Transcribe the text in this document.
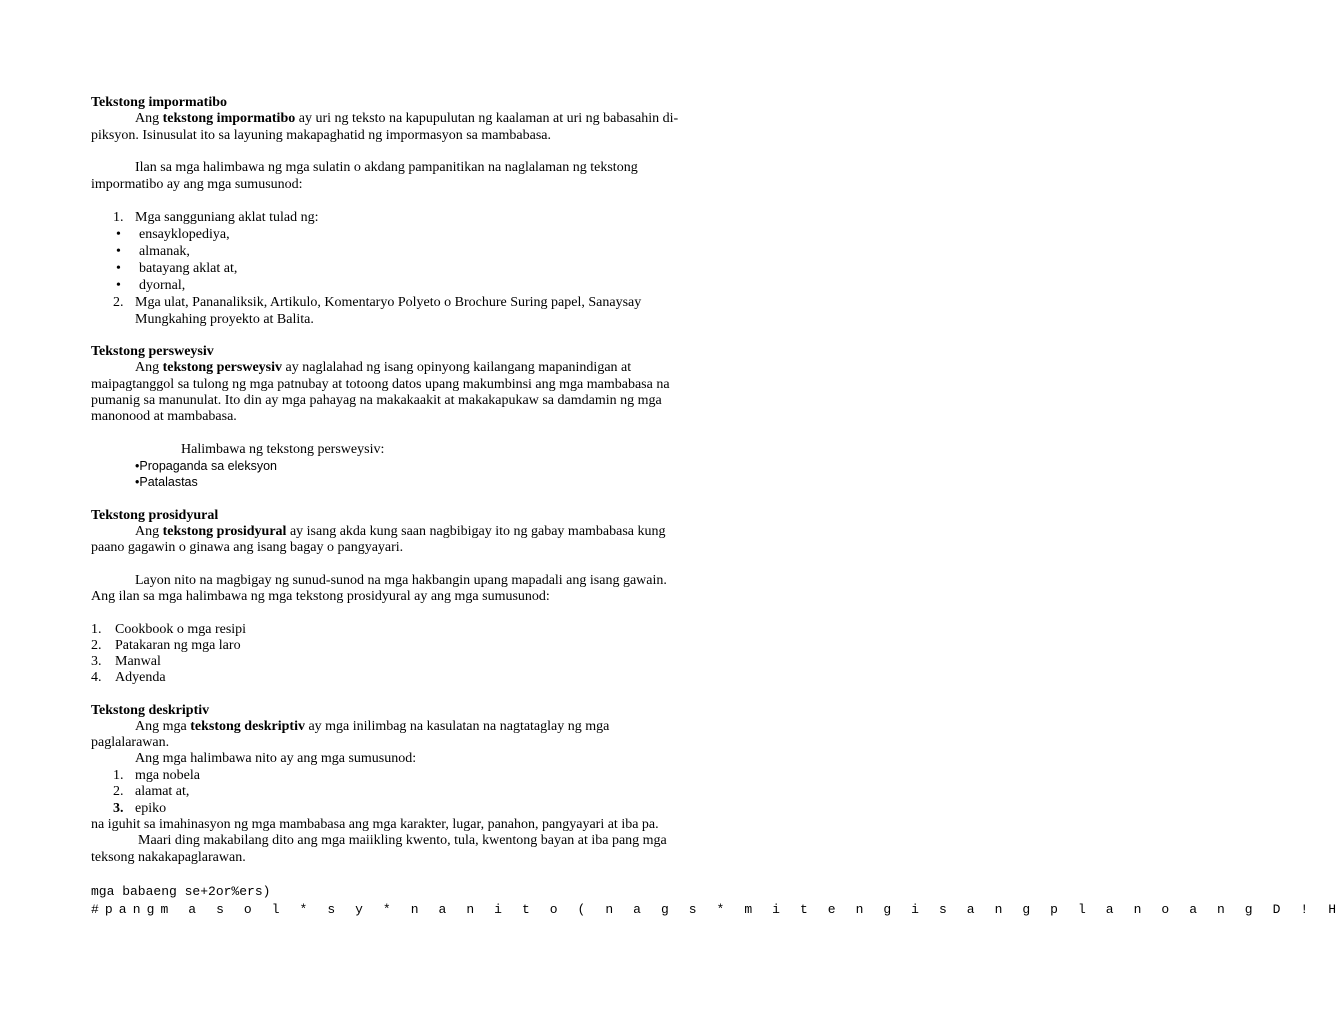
Tekstong impormatibo
Ang tekstong impormatibo ay uri ng teksto na kapupulutan ng kaalaman at uri ng babasahin di-
piksyon. Isinusulat ito sa layuning makapaghatid ng impormasyon sa mambabasa.
Ilan sa mga halimbawa ng mga sulatin o akdang pampanitikan na naglalaman ng tekstong
impormatibo ay ang mga sumusunod:
1. Mga sangguniang aklat tulad ng:
• ensayklopediya,
• almanak,
• batayang aklat at,
• dyornal,
2. Mga ulat, Pananaliksik, Artikulo, Komentaryo Polyeto o Brochure Suring papel, Sanaysay
Mungkahing proyekto at Balita.
Tekstong persweysiv
Ang tekstong persweysiv ay naglalahad ng isang opinyong kailangang mapanindigan at
maipagtanggol sa tulong ng mga patnubay at totoong datos upang makumbinsi ang mga mambabasa na
pumanig sa manunulat. Ito din ay mga pahayag na makakaakit at makakapukaw sa damdamin ng mga
manonood at mambabasa.
Halimbawa ng tekstong persweysiv:
•Propaganda sa eleksyon
•Patalastas
Tekstong prosidyural
Ang tekstong prosidyural ay isang akda kung saan nagbibigay ito ng gabay mambabasa kung
paano gagawin o ginawa ang isang bagay o pangyayari.
Layon nito na magbigay ng sunud-sunod na mga hakbangin upang mapadali ang isang gawain.
Ang ilan sa mga halimbawa ng mga tekstong prosidyural ay ang mga sumusunod:
1. Cookbook o mga resipi
2. Patakaran ng mga laro
3. Manwal
4. Adyenda
Tekstong deskriptiv
Ang mga tekstong deskriptiv ay mga inilimbag na kasulatan na nagtataglay ng mga
paglalarawan.
Ang mga halimbawa nito ay ang mga sumusunod:
1. mga nobela
2. alamat at,
3. epiko
na iguhit sa imahinasyon ng mga mambabasa ang mga karakter, lugar, panahon, pangyayari at iba pa.
Maari ding makabilang dito ang mga maiikling kwento, tula, kwentong bayan at iba pang mga
teksong nakakapaglarawan.
mga babaeng se+2or%ers)
#pangm a s o l * s y * n a n i t o ( n a g s * m i t e n g i s a n g p l a n o a n g D ! H
